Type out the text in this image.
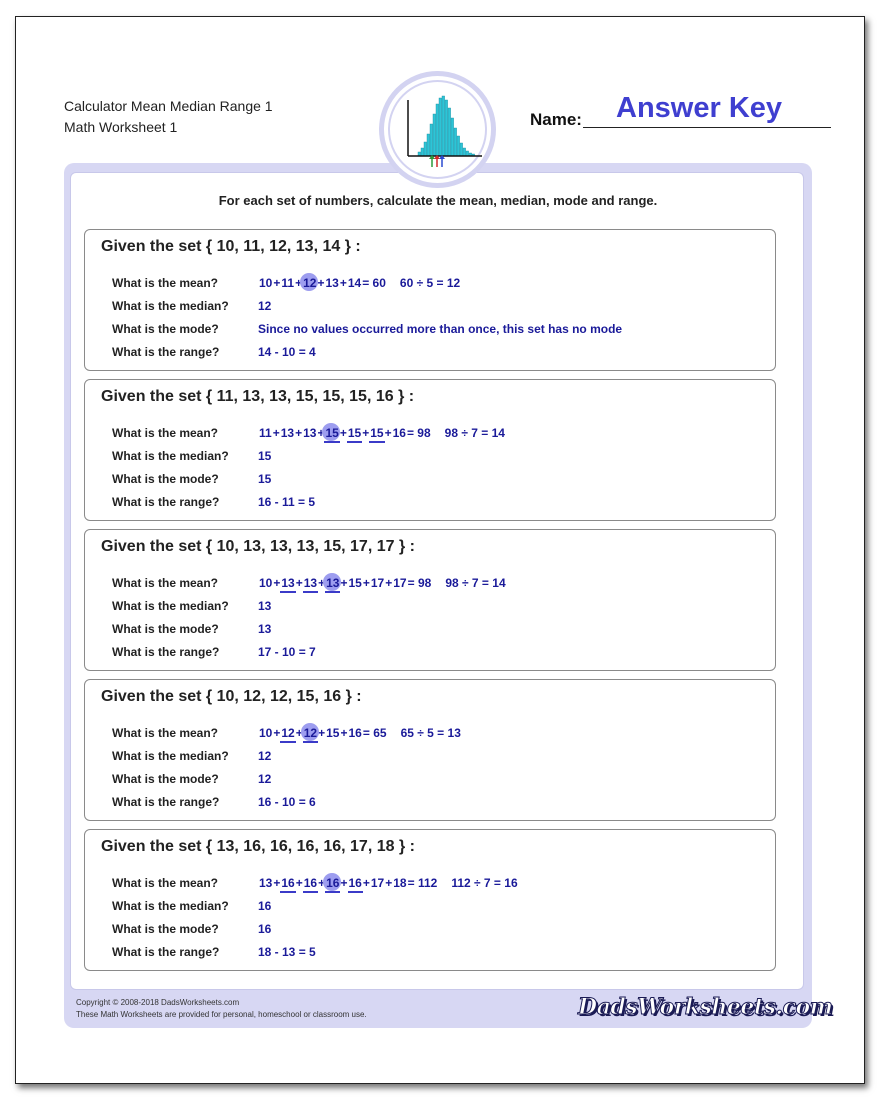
Calculator Mean Median Range 1
Math Worksheet 1	Name: Answer Key
For each set of numbers, calculate the mean, median, mode and range.
Given the set { 10, 11, 12, 13, 14 } :
What is the mean?	10+11+12+13+14= 60 60 ÷ 5 = 12
What is the median? 12
What is the mode?	Since no values occurred more than once, this set has no mode
What is the range?	14 - 10 = 4
Given the set { 11, 13, 13, 15, 15, 15, 16 } :
What is the mean?	11+13+13+15+15+15+16= 98 98 ÷ 7 = 14
What is the median? 15
What is the mode?	15
What is the range?	16 - 11 = 5
Given the set { 10, 13, 13, 13, 15, 17, 17 } :
What is the mean?	10+13+13+13+15+17+17= 98 98 ÷ 7 = 14
What is the median? 13
What is the mode?	13
What is the range?	17 - 10 = 7
Given the set { 10, 12, 12, 15, 16 } :
What is the mean?	10+12+12+15+16= 65 65 ÷ 5 = 13
What is the median? 12
What is the mode?	12
What is the range?	16 - 10 = 6
Given the set { 13, 16, 16, 16, 16, 17, 18 } :
What is the mean?	13+16+16+16+16+17+18= 112 112 ÷ 7 = 16
What is the median? 16
What is the mode?	16
What is the range?	18 - 13 = 5
Copyright © 2008-2018 DadsWorksheets.com
These Math Worksheets are provided for personal, homeschool or classroom use.	DadsWorksheets.com
